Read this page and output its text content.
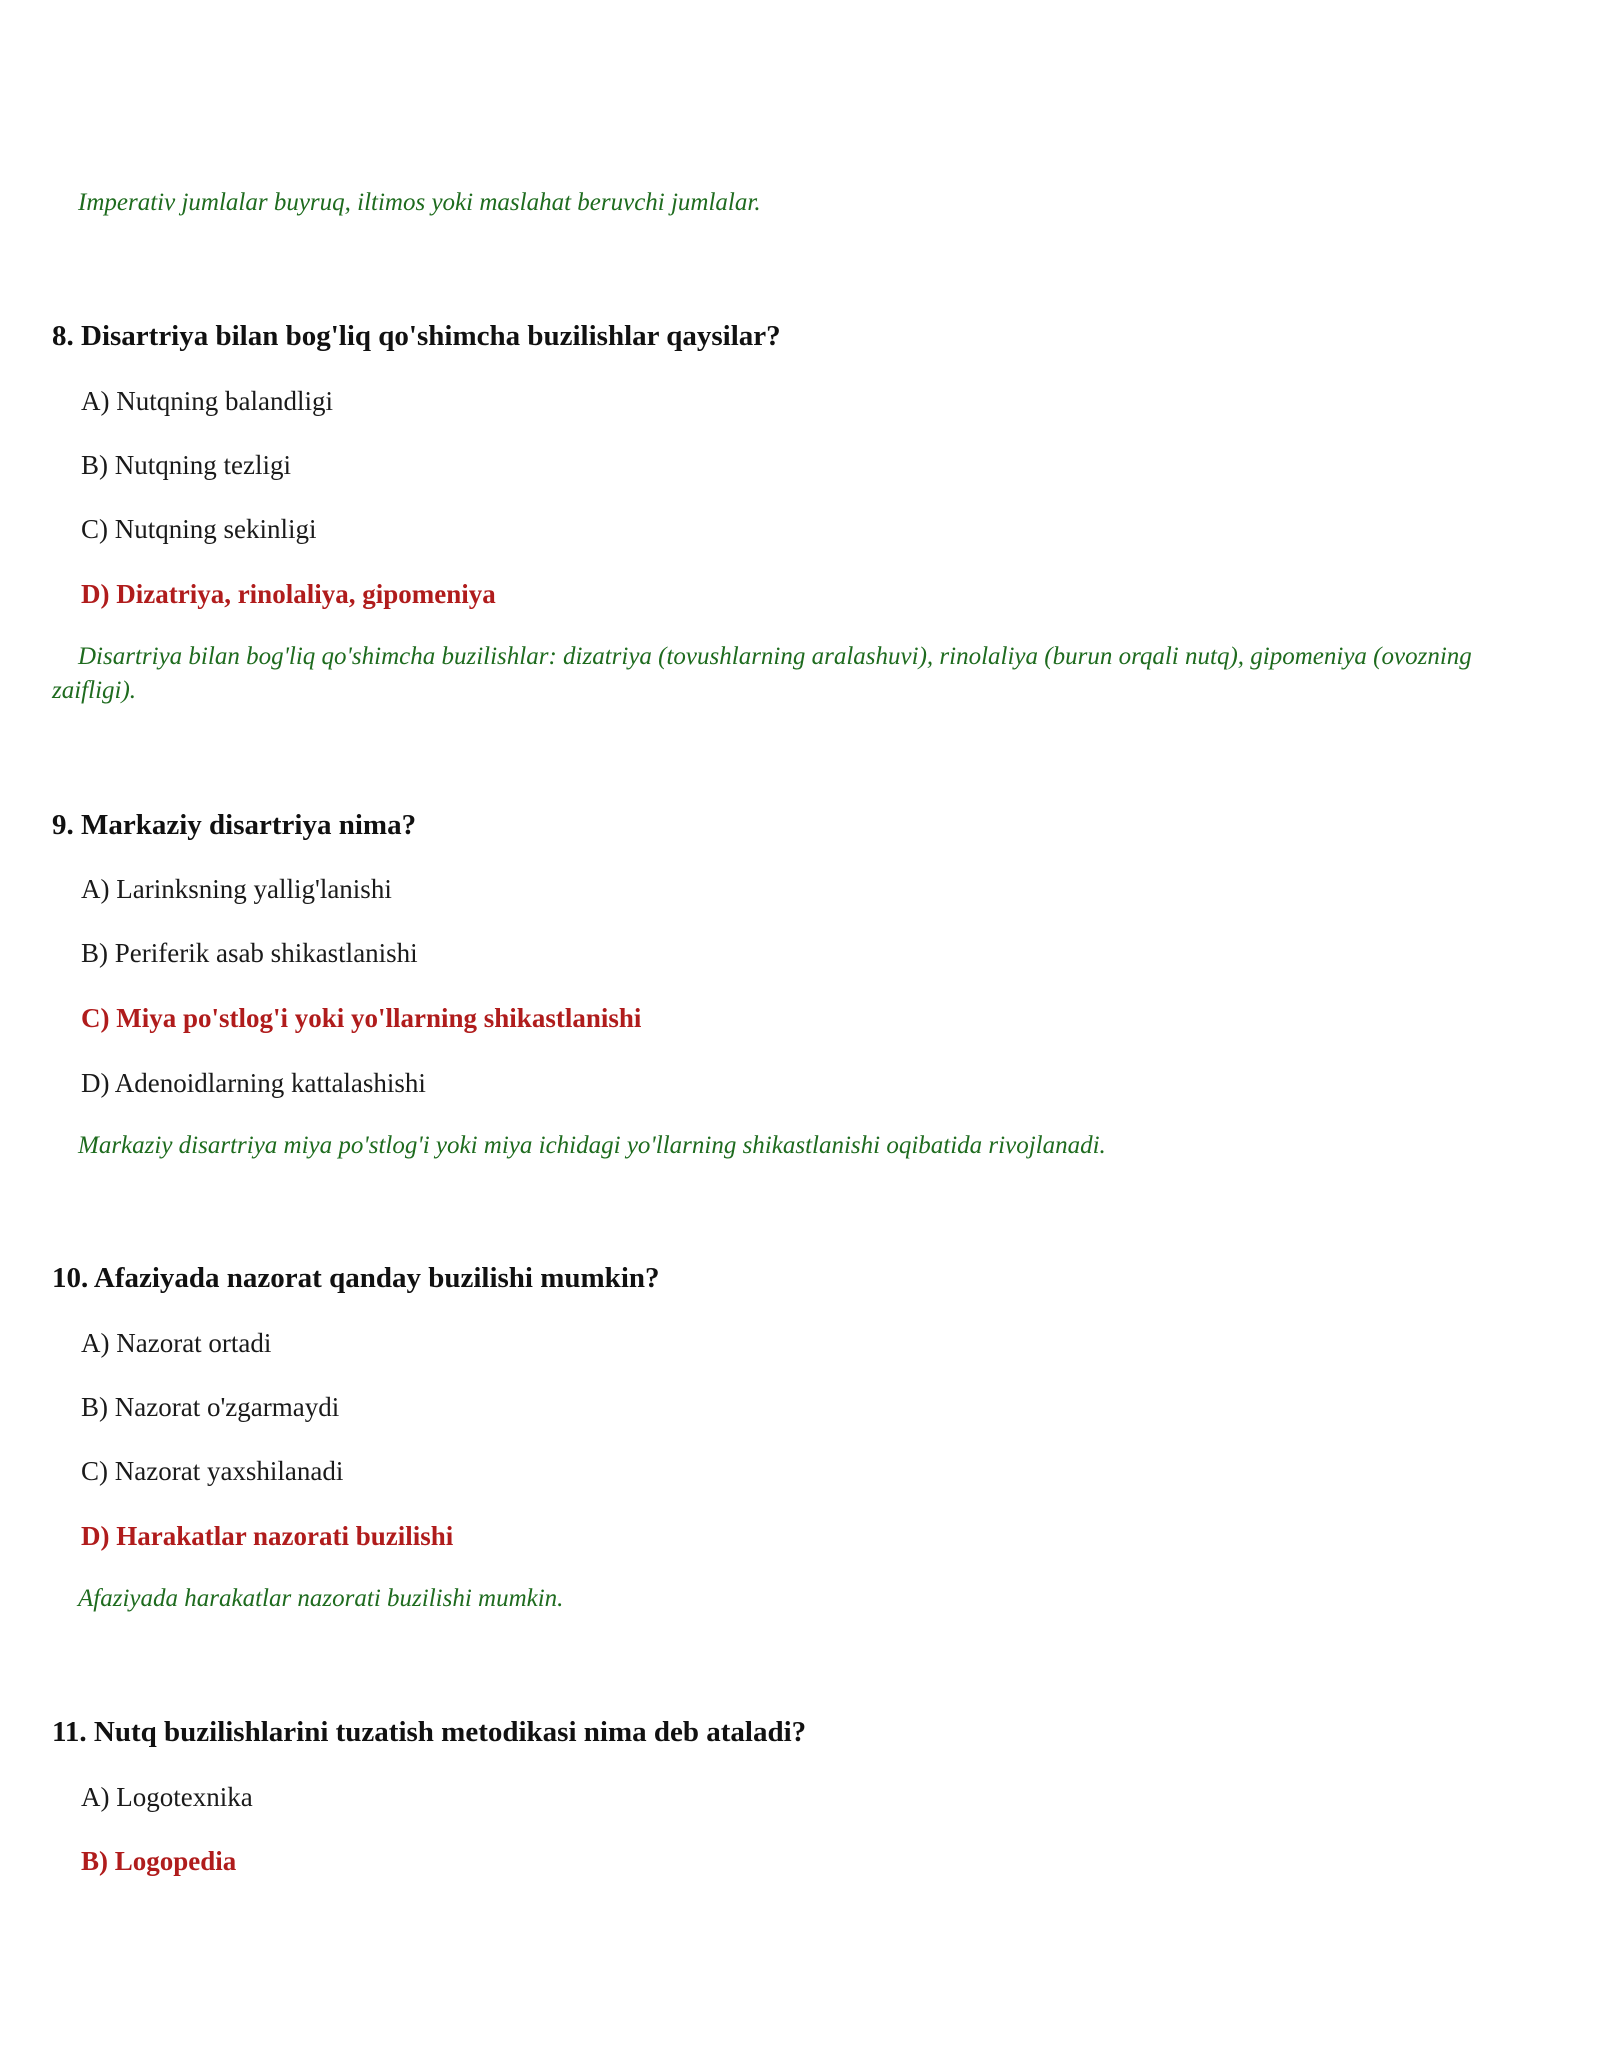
Imperativ jumlalar buyruq, iltimos yoki maslahat beruvchi jumlalar.

8. Disartriya bilan bog'liq qo'shimcha buzilishlar qaysilar?

A) Nutqning balandligi

B) Nutqning tezligi

C) Nutqning sekinligi

D) Dizatriya, rinolaliya, gipomeniya

Disartriya bilan bog'liq qo'shimcha buzilishlar: dizatriya (tovushlarning aralashuvi), rinolaliya (burun orqali nutq), gipomeniya (ovozning zaifligi).

9. Markaziy disartriya nima?

A) Larinksning yallig'lanishi

B) Periferik asab shikastlanishi

C) Miya po'stlog'i yoki yo'llarning shikastlanishi

D) Adenoidlarning kattalashishi

Markaziy disartriya miya po'stlog'i yoki miya ichidagi yo'llarning shikastlanishi oqibatida rivojlanadi.

10. Afaziyada nazorat qanday buzilishi mumkin?

A) Nazorat ortadi

B) Nazorat o'zgarmaydi

C) Nazorat yaxshilanadi

D) Harakatlar nazorati buzilishi

Afaziyada harakatlar nazorati buzilishi mumkin.

11. Nutq buzilishlarini tuzatish metodikasi nima deb ataladi?

A) Logotexnika

B) Logopedia
